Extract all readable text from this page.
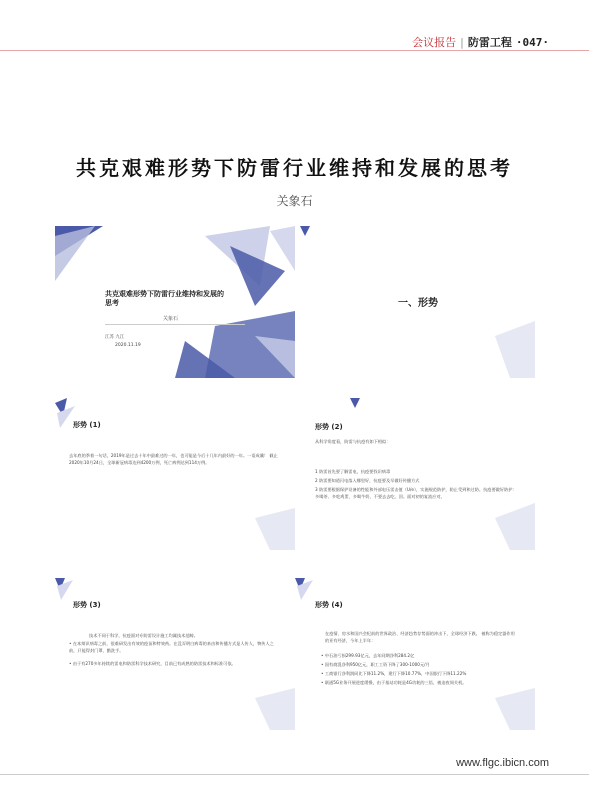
会议报告 | 防雷工程 ·047·
共克艰难形势下防雷行业维持和发展的思考
关象石
共克艰难形势下防雷行业维持和发展的思考
关象石
江苏 九江
2020.11.19
一、形势
形势 (1)
去年底的季着一句话，2019年是过去十年中最难过的一年，也可能是今后十几年内最好的一年。一语成谶！ 截止2020年10月24日，全球新冠病毒达到4200万例，死亡病例达到114万例。
形势 (2)
从科学角度看，防雷与抗疫有如下相似：
1 防雷首先要了解雷电，抗疫要找识病毒
2 防雷要知道闪电落入哪里好，抗疫要及早做好传播方式
3 防雷要根据保护设备的性能和外部电压雷击值（U/e），实施规范防护，防止受到和过防。抗疫要做好防护：多喝茶、多吃鸡蛋、多喝牛奶、不要去去吃、回。面对初的复流应对。
形势 (3)
技术不同于科学，抗疫面对专防雷设计施工均属技术范畴。
• 在本辩识病毒之前，很难研发出有效的疫苗和特效药。在没弄明白病毒的来由和传播方式是人传人，物传人之前，只能得封门罩、勤洗手。
• 由于有270多年持续的雷电和防雷科学技术研究，目前已有成熟的防雷技术和标准可依。
形势 (4)
在疫情、房水和国兴会纪前的世界政治、经济趋势存势面的冲击下，全球经济下跌。 被称为稳定器作用的亚有经济，今年上半年：
• 中石油亏损299.93亿元，去年同期净利284.2亿
• 国有商混净利950亿元，职工工资下降了300-1000元/月
• 工商银行净利润同比下降11.2%，建行下降10.77%，中国银行下降11.22%
• 联通5G业务开展进度缓慢，由于基站功耗是4G功耗的三倍，被迫夜间关机。
www.flgc.ibicn.com
